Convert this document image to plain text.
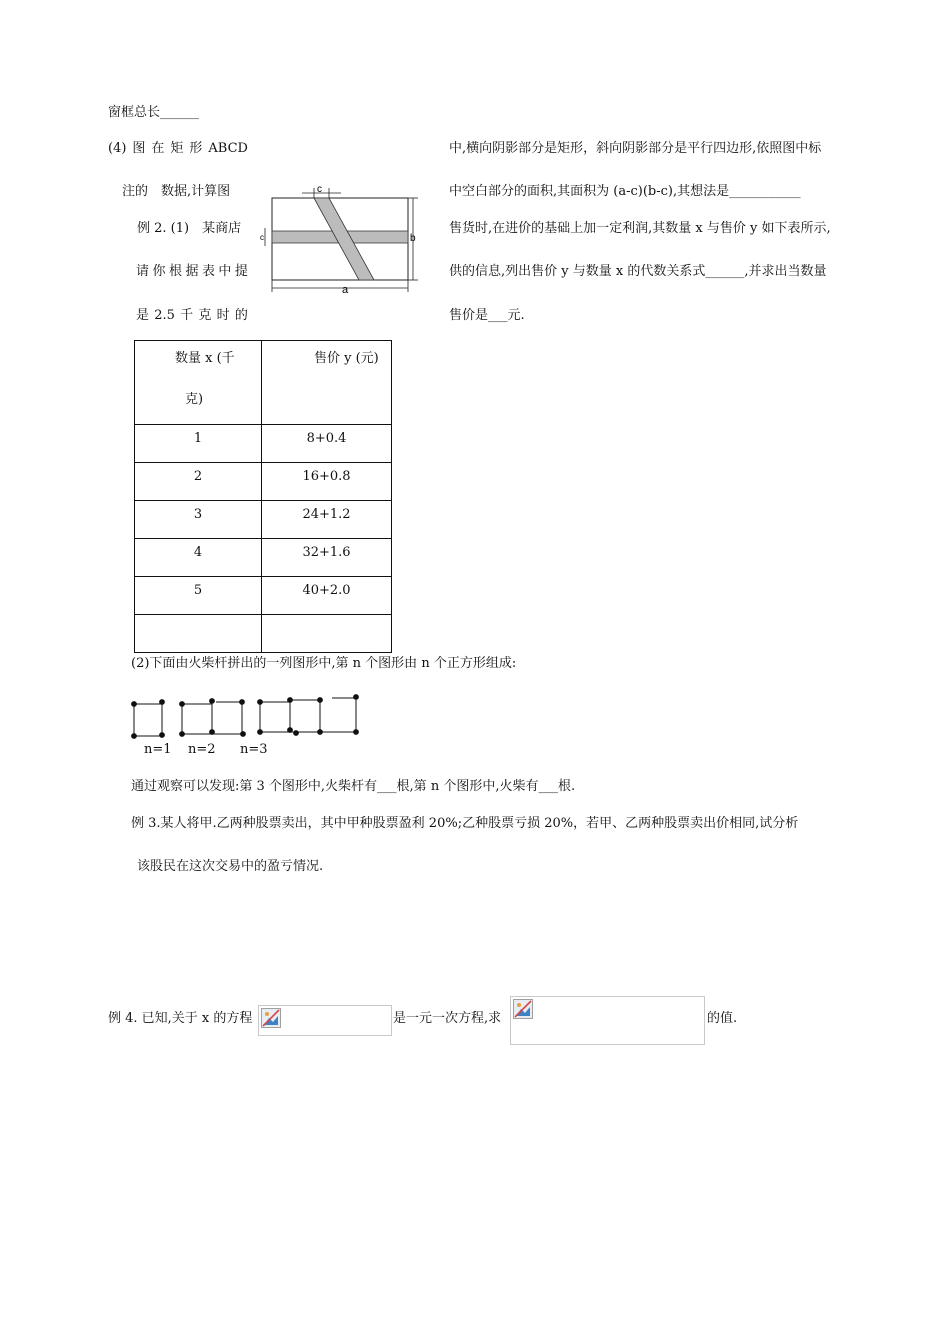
窗框总长______
(4) 图 在 矩 形 ABCD	中,横向阴影部分是矩形，斜向阴影部分是平行四边形,依照图中标
注的　数据,计算图	中空白部分的面积,其面积为 (a-c)(b-c),其想法是___________
例 2. (1)　某商店	售货时,在进价的基础上加一定利润,其数量 x 与售价 y 如下表所示,
请 你 根 据 表 中 提	供的信息,列出售价 y 与数量 x 的代数关系式______,并求出当数量
是 2.5 千 克 时 的	售价是___元.
c
b
c
a
数量 x (千
克)	售价 y (元)

1	8+0.4

2	16+0.8

3	24+1.2

4	32+1.6

5	40+2.0

(2)下面由火柴杆拼出的一列图形中,第 n 个图形由 n 个正方形组成:
n=1 n=2 n=3
通过观察可以发现:第 3 个图形中,火柴杆有___根,第 n 个图形中,火柴有___根.
例 3.某人将甲.乙两种股票卖出，其中甲种股票盈利 20%;乙种股票亏损 20%，若甲、乙两种股票卖出价相同,试分析
该股民在这次交易中的盈亏情况.
例 4. 已知,关于 x 的方程	是一元一次方程,求	的值.
